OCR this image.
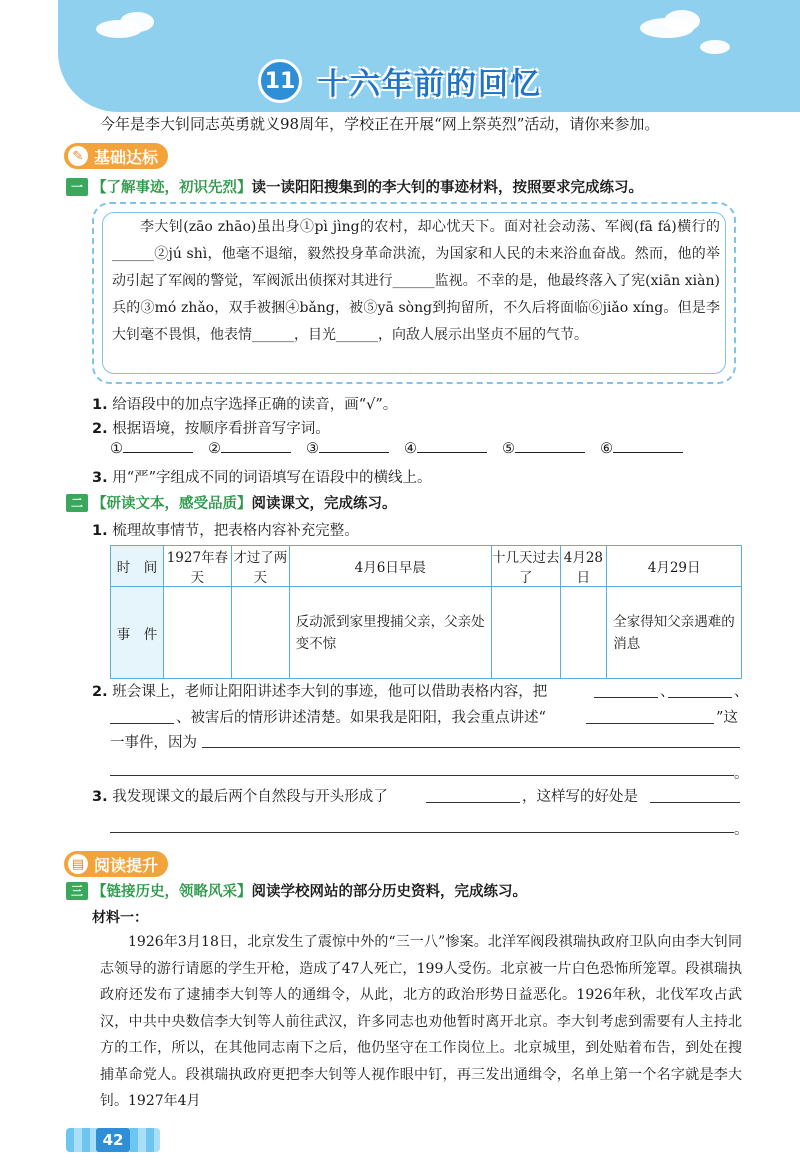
11 十六年前的回忆
今年是李大钊同志英勇就义98周年，学校正在开展“网上祭英烈”活动，请你来参加。
✎ 基础达标
一 【了解事迹，初识先烈】 读一读阳阳搜集到的李大钊的事迹材料，按照要求完成练习。
李大钊(zāo zhāo)虽出身①pì jìng的农村，却心忧天下。面对社会动荡、军阀(fā fá)横行的______②jú shì，他毫不退缩，毅然投身革命洪流，为国家和人民的未来浴血奋战。然而，他的举动引起了军阀的警觉，军阀派出侦探对其进行______监视。不幸的是，他最终落入了宪(xiān xiàn)兵的③mó zhǎo，双手被捆④bǎng，被⑤yā sòng到拘留所，不久后将面临⑥jiǎo xíng。但是李大钊毫不畏惧，他表情______，目光______，向敌人展示出坚贞不屈的气节。
1. 给语段中的加点字选择正确的读音，画“√”。
2. 根据语境，按顺序看拼音写字词。
①	②	③	④	⑤	⑥
3. 用“严”字组成不同的词语填写在语段中的横线上。
二 【研读文本，感受品质】 阅读课文，完成练习。
1. 梳理故事情节，把表格内容补充完整。
时　间	1927年春天	才过了两天	4月6日早晨	十几天过去了	4月28日	4月29日
事　件			反动派到家里搜捕父亲，父亲处变不惊			全家得知父亲遇难的消息
2. 班会课上，老师让阳阳讲述李大钊的事迹，他可以借助表格内容，把	、	、
、被害后的情形讲述清楚。如果我是阳阳，我会重点讲述“	”这
一事件，因为
。
3. 我发现课文的最后两个自然段与开头形成了	，这样写的好处是
。
▤ 阅读提升
三 【链接历史，领略风采】 阅读学校网站的部分历史资料，完成练习。
材料一：
1926年3月18日，北京发生了震惊中外的“三一八”惨案。北洋军阀段祺瑞执政府卫队向由李大钊同志领导的游行请愿的学生开枪，造成了47人死亡，199人受伤。北京被一片白色恐怖所笼罩。段祺瑞执政府还发布了逮捕李大钊等人的通缉令，从此，北方的政治形势日益恶化。1926年秋，北伐军攻占武汉，中共中央数信李大钊等人前往武汉，许多同志也劝他暂时离开北京。李大钊考虑到需要有人主持北方的工作，所以，在其他同志南下之后，他仍坚守在工作岗位上。北京城里，到处贴着布告，到处在搜捕革命党人。段祺瑞执政府更把李大钊等人视作眼中钉，再三发出通缉令，名单上第一个名字就是李大钊。1927年4月
42
